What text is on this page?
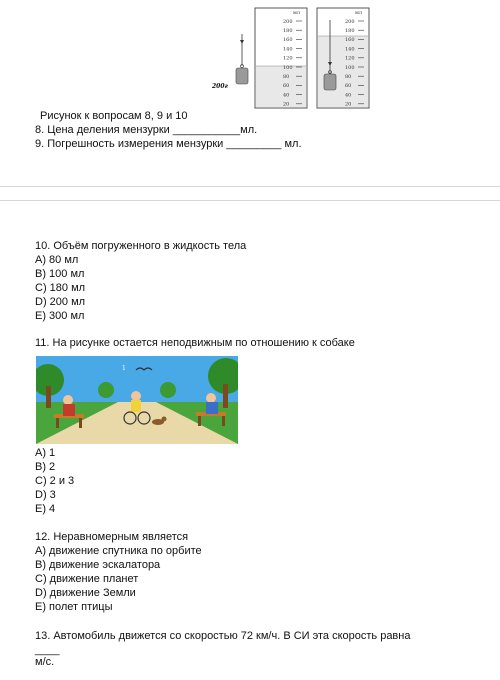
мл
200
180
160
140
120
100
80
60
40
20
200г
мл
200
180
160
140
120
100
80
60
40
20
Рисунок к вопросам 8, 9 и 10
8. Цена деления мензурки ___________мл.
9. Погрешность измерения мензурки _________ мл.
10. Объём погруженного в жидкость тела
А) 80 мл
В) 100 мл
С) 180 мл
D) 200 мл
Е) 300 мл
11. На рисунке остается неподвижным по отношению к собаке
1
А) 1
В) 2
С) 2 и 3
D) 3
Е) 4
12. Неравномерным является
А) движение спутника по орбите
В) движение эскалатора
С) движение планет
D) движение Земли
Е) полет птицы
13. Автомобиль движется со скоростью 72 км/ч. В СИ эта скорость равна
____
м/с.
